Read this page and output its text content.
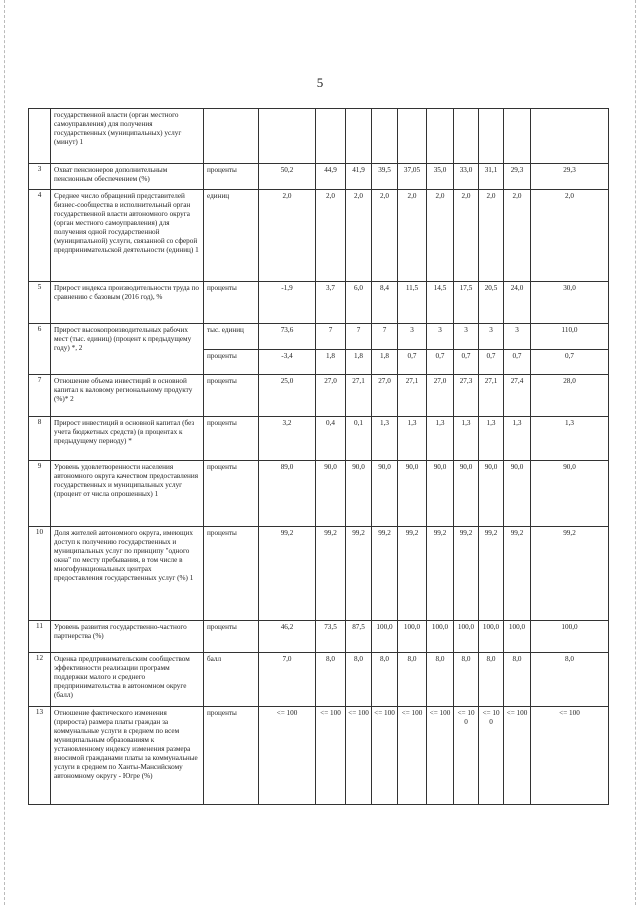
5
	государственной власти (орган местного самоуправления) для получения государственных (муниципальных) услуг (минут) 1											
3	Охват пенсионеров дополнительным пенсионным обеспечением (%)	проценты	50,2	44,9	41,9	39,5	37,05	35,0	33,0	31,1	29,3	29,3
4	Среднее число обращений представителей бизнес-сообщества в исполнительный орган государственной власти автономного округа (орган местного самоуправления) для получения одной государственной (муниципальной) услуги, связанной со сферой предпринимательской деятельности (единиц) 1	единиц	2,0	2,0	2,0	2,0	2,0	2,0	2,0	2,0	2,0	2,0
5	Прирост индекса производительности труда по сравнению с базовым (2016 год), %	проценты	-1,9	3,7	6,0	8,4	11,5	14,5	17,5	20,5	24,0	30,0
6	Прирост высокопроизводительных рабочих мест (тыс. единиц) (процент к предыдущему году) *, 2	тыс. единиц	73,6	7	7	7	3	3	3	3	3	110,0
		проценты	-3,4	1,8	1,8	1,8	0,7	0,7	0,7	0,7	0,7	0,7
7	Отношение объема инвестиций в основной капитал к валовому региональному продукту (%)* 2	проценты	25,0	27,0	27,1	27,0	27,1	27,0	27,3	27,1	27,4	28,0
8	Прирост инвестиций в основной капитал (без учета бюджетных средств) (в процентах к предыдущему периоду) *	проценты	3,2	0,4	0,1	1,3	1,3	1,3	1,3	1,3	1,3	1,3
9	Уровень удовлетворенности населения автономного округа качеством предоставления государственных и муниципальных услуг (процент от числа опрошенных) 1	проценты	89,0	90,0	90,0	90,0	90,0	90,0	90,0	90,0	90,0	90,0
10	Доля жителей автономного округа, имеющих доступ к получению государственных и муниципальных услуг по принципу "одного окна" по месту пребывания, в том числе в многофункциональных центрах предоставления государственных услуг (%) 1	проценты	99,2	99,2	99,2	99,2	99,2	99,2	99,2	99,2	99,2	99,2
11	Уровень развития государственно-частного партнерства (%)	проценты	46,2	73,5	87,5	100,0	100,0	100,0	100,0	100,0	100,0	100,0
12	Оценка предпринимательским сообществом эффективности реализации программ поддержки малого и среднего предпринимательства в автономном округе (балл)	балл	7,0	8,0	8,0	8,0	8,0	8,0	8,0	8,0	8,0	8,0
13	Отношение фактического изменения (прироста) размера платы граждан за коммунальные услуги в среднем по всем муниципальным образованиям к установленному индексу изменения размера вносимой гражданами платы за коммунальные услуги в среднем по Ханты-Мансийскому автономному округу - Югре (%)	проценты	<= 100	<= 100	<= 100	<= 100	<= 100	<= 100	<= 100	<= 100	<= 100	<= 100
